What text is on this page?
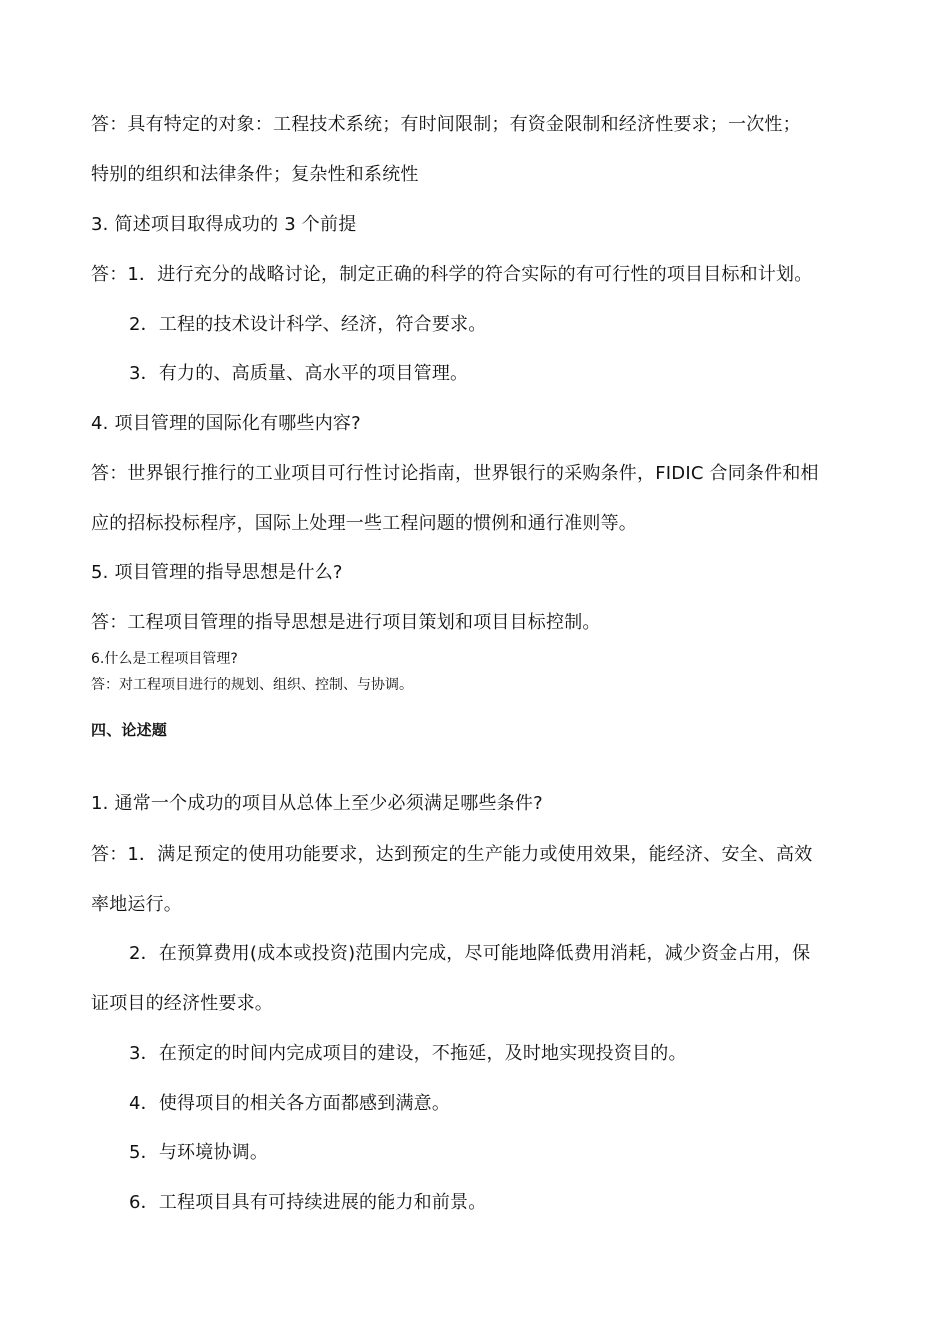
答：具有特定的对象：工程技术系统；有时间限制；有资金限制和经济性要求；一次性；
特别的组织和法律条件；复杂性和系统性
3. 简述项目取得成功的 3 个前提
答：1．进行充分的战略讨论，制定正确的科学的符合实际的有可行性的项目目标和计划。
2．工程的技术设计科学、经济，符合要求。
3．有力的、高质量、高水平的项目管理。
4. 项目管理的国际化有哪些内容?
答：世界银行推行的工业项目可行性讨论指南，世界银行的采购条件，FIDIC 合同条件和相
应的招标投标程序，国际上处理一些工程问题的惯例和通行准则等。
5. 项目管理的指导思想是什么?
答：工程项目管理的指导思想是进行项目策划和项目目标控制。
6.什么是工程项目管理?
答：对工程项目进行的规划、组织、控制、与协调。
四、论述题
1. 通常一个成功的项目从总体上至少必须满足哪些条件?
答：1．满足预定的使用功能要求，达到预定的生产能力或使用效果，能经济、安全、高效
率地运行。
2．在预算费用(成本或投资)范围内完成，尽可能地降低费用消耗，减少资金占用，保
证项目的经济性要求。
3．在预定的时间内完成项目的建设，不拖延，及时地实现投资目的。
4．使得项目的相关各方面都感到满意。
5．与环境协调。
6．工程项目具有可持续进展的能力和前景。
